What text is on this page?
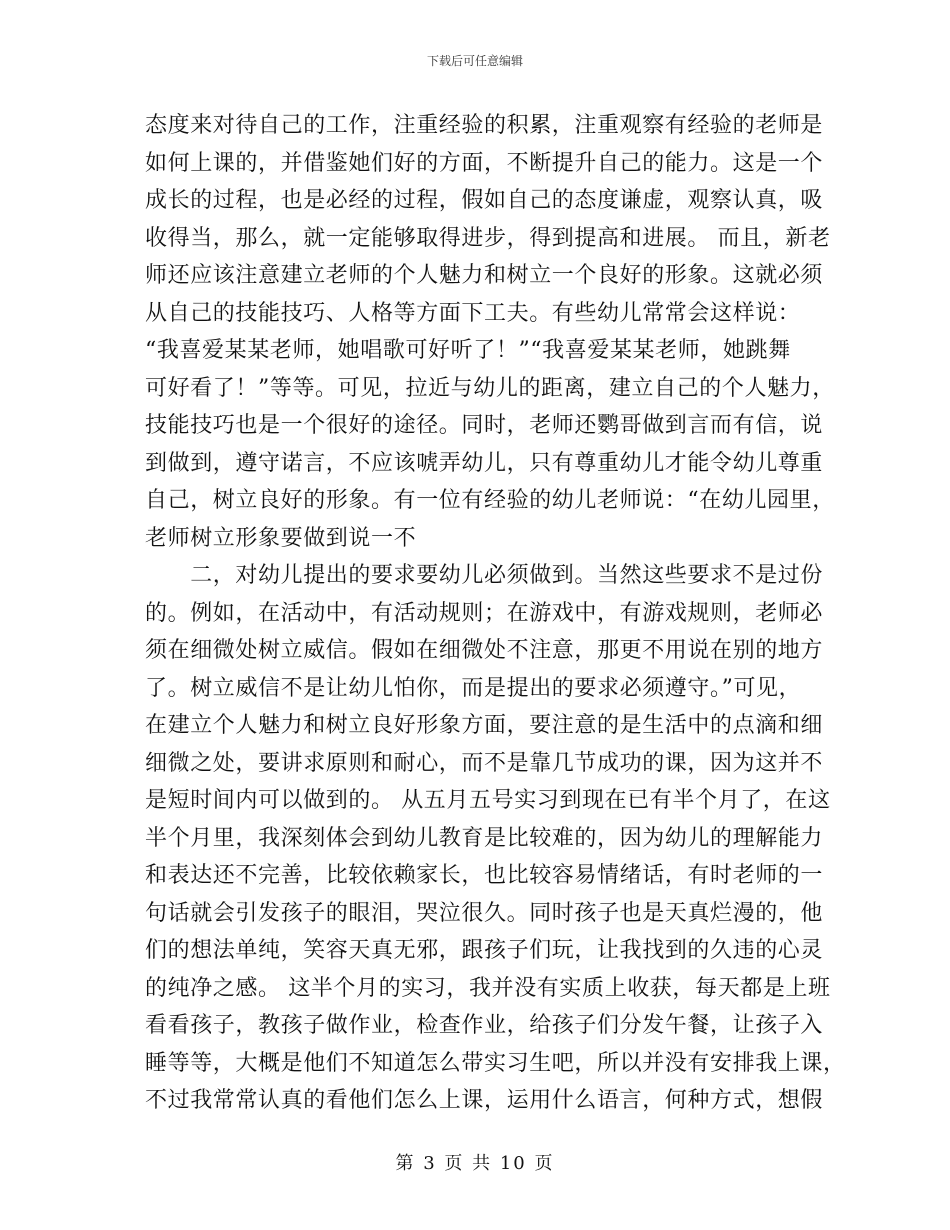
下载后可任意编辑
态度来对待自己的工作，注重经验的积累，注重观察有经验的老师是
如何上课的，并借鉴她们好的方面，不断提升自己的能力。这是一个
成长的过程，也是必经的过程，假如自己的态度谦虚，观察认真，吸
收得当，那么，就一定能够取得进步，得到提高和进展。 而且，新老
师还应该注意建立老师的个人魅力和树立一个良好的形象。这就必须
从自己的技能技巧、人格等方面下工夫。有些幼儿常常会这样说：
“我喜爱某某老师，她唱歌可好听了！”“我喜爱某某老师，她跳舞
可好看了！”等等。可见，拉近与幼儿的距离，建立自己的个人魅力，
技能技巧也是一个很好的途径。同时，老师还鹦哥做到言而有信，说
到做到，遵守诺言，不应该唬弄幼儿，只有尊重幼儿才能令幼儿尊重
自己，树立良好的形象。有一位有经验的幼儿老师说：“在幼儿园里，
老师树立形象要做到说一不
　　二，对幼儿提出的要求要幼儿必须做到。当然这些要求不是过份
的。例如，在活动中，有活动规则；在游戏中，有游戏规则，老师必
须在细微处树立威信。假如在细微处不注意，那更不用说在别的地方
了。树立威信不是让幼儿怕你，而是提出的要求必须遵守。”可见，
在建立个人魅力和树立良好形象方面，要注意的是生活中的点滴和细
细微之处，要讲求原则和耐心，而不是靠几节成功的课，因为这并不
是短时间内可以做到的。 从五月五号实习到现在已有半个月了，在这
半个月里，我深刻体会到幼儿教育是比较难的，因为幼儿的理解能力
和表达还不完善，比较依赖家长，也比较容易情绪话，有时老师的一
句话就会引发孩子的眼泪，哭泣很久。同时孩子也是天真烂漫的，他
们的想法单纯，笑容天真无邪，跟孩子们玩，让我找到的久违的心灵
的纯净之感。 这半个月的实习，我并没有实质上收获，每天都是上班
看看孩子，教孩子做作业，检查作业，给孩子们分发午餐，让孩子入
睡等等，大概是他们不知道怎么带实习生吧，所以并没有安排我上课，
不过我常常认真的看他们怎么上课，运用什么语言，何种方式，想假
第 3 页 共 10 页
